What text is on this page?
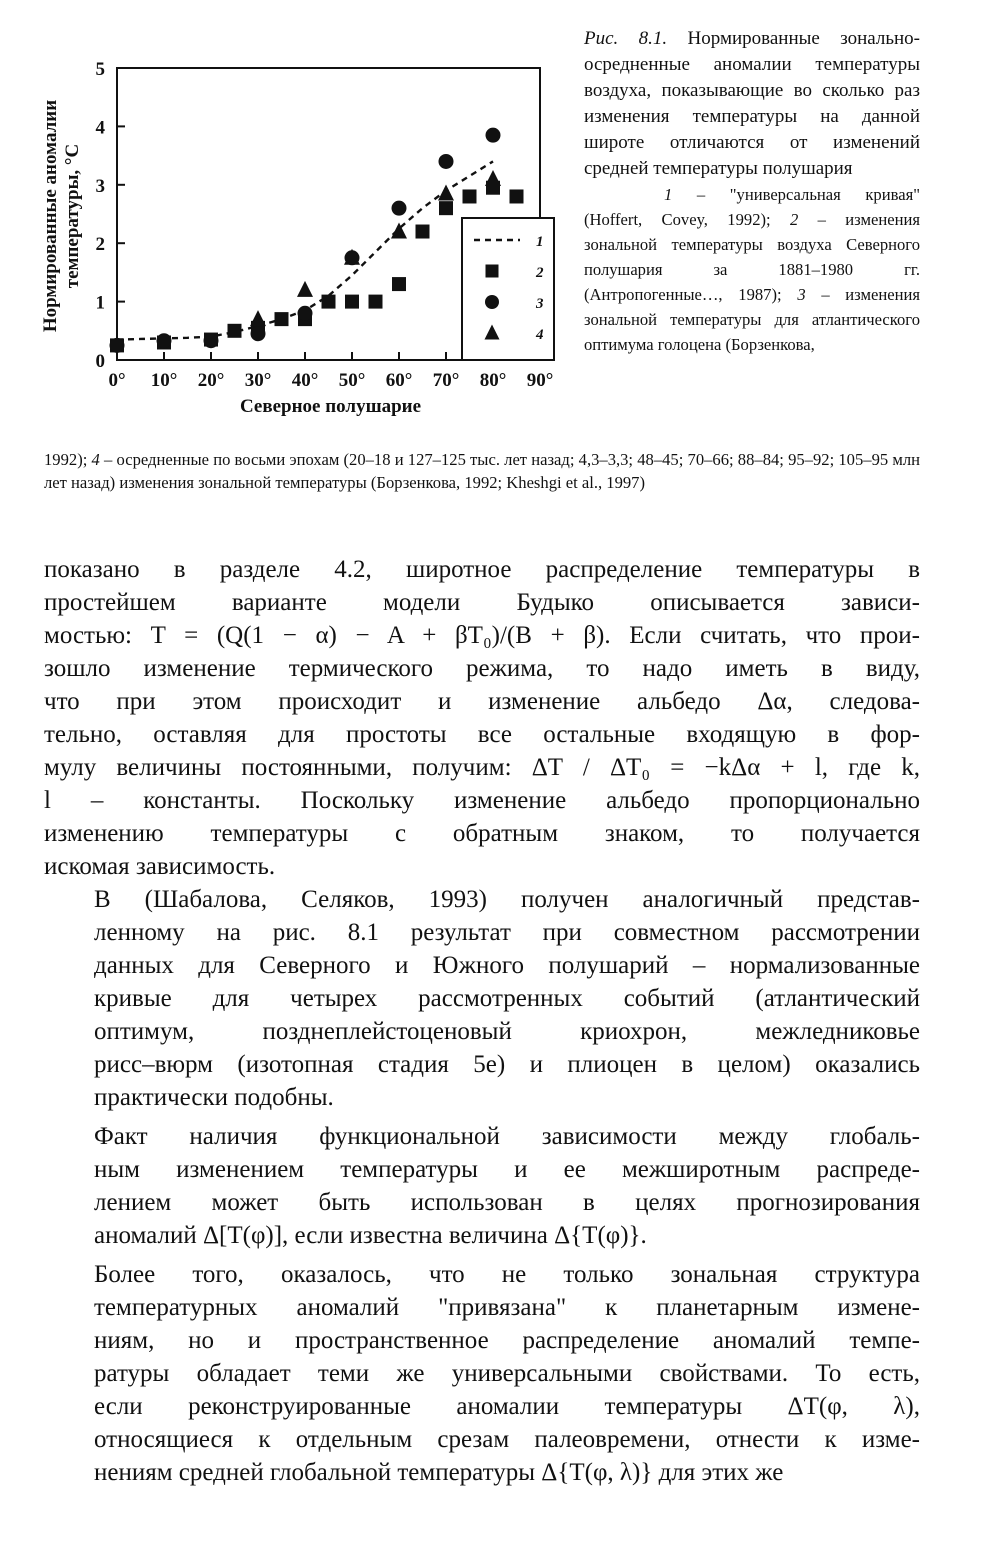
0
1
2
3
4
5
0° 10° 20° 30° 40° 50° 60° 70° 80° 90°
Северное полушарие
Нормированные аномалии температуры, °С	1
2
3
4

Рис. 8.1. Нормированные зонально-осредненные аномалии температуры воздуха, показывающие во сколько раз изменения температуры на данной широте отличаются от изменений средней температуры полушария

1 – "универсальная кривая" (Hoffert, Covey, 1992); 2 – изменения зональной температуры воздуха Северного полушария за 1881–1980 гг. (Антропогенные…, 1987); 3 – изменения зональной температуры для атлантического оптимума голоцена (Борзенкова,

1992); 4 – осредненные по восьми эпохам (20–18 и 127–125 тыс. лет назад; 4,3–3,3; 48–45; 70–66; 88–84; 95–92; 105–95 млн лет назад) изменения зональной температуры (Борзенкова, 1992; Kheshgi et al., 1997)

показано в разделе 4.2, широтное распределение температуры в
простейшем варианте модели Будыко описывается зависи-
мостью: T = (Q(1 − α) − A + βT₀)/(B + β). Если считать, что прои-
зошло изменение термического режима, то надо иметь в виду,
что при этом происходит и изменение альбедо Δα, следова-
тельно, оставляя для простоты все остальные входящую в фор-
мулу величины постоянными, получим: ΔT / ΔT₀ = −kΔα + l, где k,
l – константы. Поскольку изменение альбедо пропорционально
изменению температуры с обратным знаком, то получается
искомая зависимость.

В (Шабалова, Селяков, 1993) получен аналогичный представ-
ленному на рис. 8.1 результат при совместном рассмотрении
данных для Северного и Южного полушарий – нормализованные
кривые для четырех рассмотренных событий (атлантический
оптимум, позднеплейстоценовый криохрон, межледниковье
рисс–вюрм (изотопная стадия 5е) и плиоцен в целом) оказались
практически подобны.

Факт наличия функциональной зависимости между глобаль-
ным изменением температуры и ее межширотным распреде-
лением может быть использован в целях прогнозирования
аномалий Δ[T(φ)], если известна величина Δ{T(φ)}.

Более того, оказалось, что не только зональная структура
температурных аномалий "привязана" к планетарным измене-
ниям, но и пространственное распределение аномалий темпе-
ратуры обладает теми же универсальными свойствами. То есть,
если реконструированные аномалии температуры ΔT(φ, λ),
относящиеся к отдельным срезам палеовремени, отнести к изме-
нениям средней глобальной температуры Δ{T(φ, λ)} для этих же
